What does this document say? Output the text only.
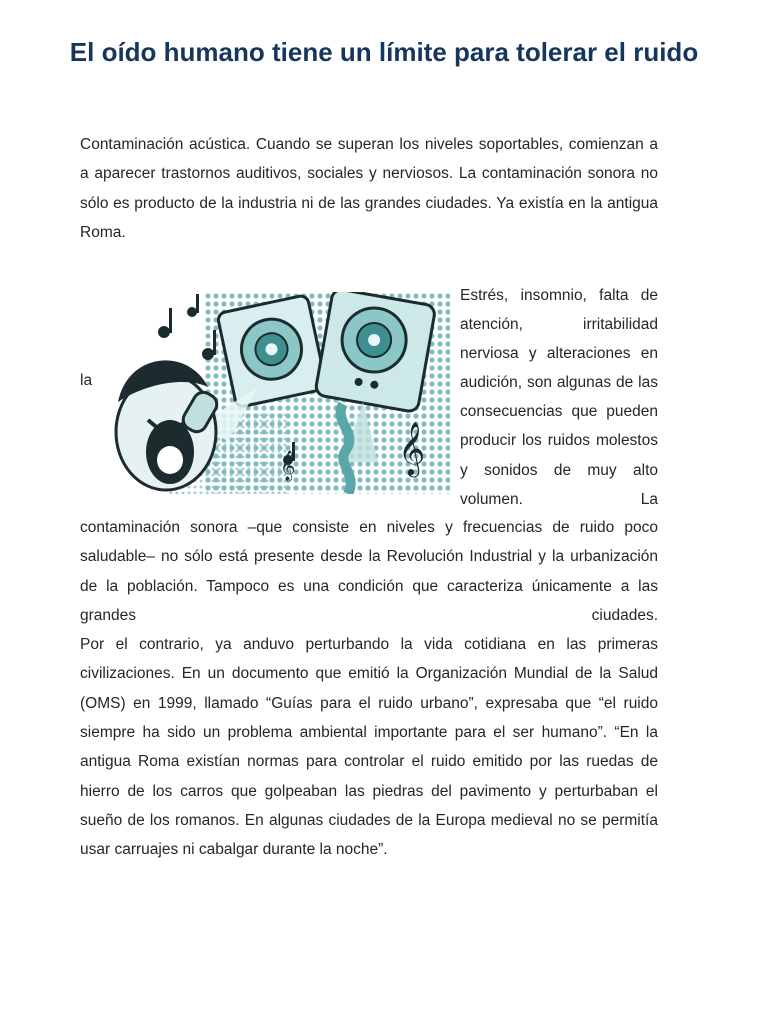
El oído humano tiene un límite para tolerar el ruido

Contaminación acústica. Cuando se superan los niveles soportables, comienzan a a aparecer trastornos auditivos, sociales y nerviosos. La contaminación sonora no sólo es producto de la industria ni de las grandes ciudades. Ya existía en la antigua Roma.

la

𝄞
𝄞

Estrés, insomnio, falta de atención, irritabilidad nerviosa y alteraciones en audición, son algunas de las consecuencias que pueden producir los ruidos molestos y sonidos de muy alto volumen. La

contaminación sonora –que consiste en niveles y frecuencias de ruido poco saludable– no sólo está presente desde la Revolución Industrial y la urbanización de la población. Tampoco es una condición que caracteriza únicamente a las grandes ciudades.
Por el contrario, ya anduvo perturbando la vida cotidiana en las primeras civilizaciones. En un documento que emitió la Organización Mundial de la Salud (OMS) en 1999, llamado “Guías para el ruido urbano”, expresaba que “el ruido siempre ha sido un problema ambiental importante para el ser humano”. “En la antigua Roma existían normas para controlar el ruido emitido por las ruedas de hierro de los carros que golpeaban las piedras del pavimento y perturbaban el sueño de los romanos. En algunas ciudades de la Europa medieval no se permitía usar carruajes ni cabalgar durante la noche”.
